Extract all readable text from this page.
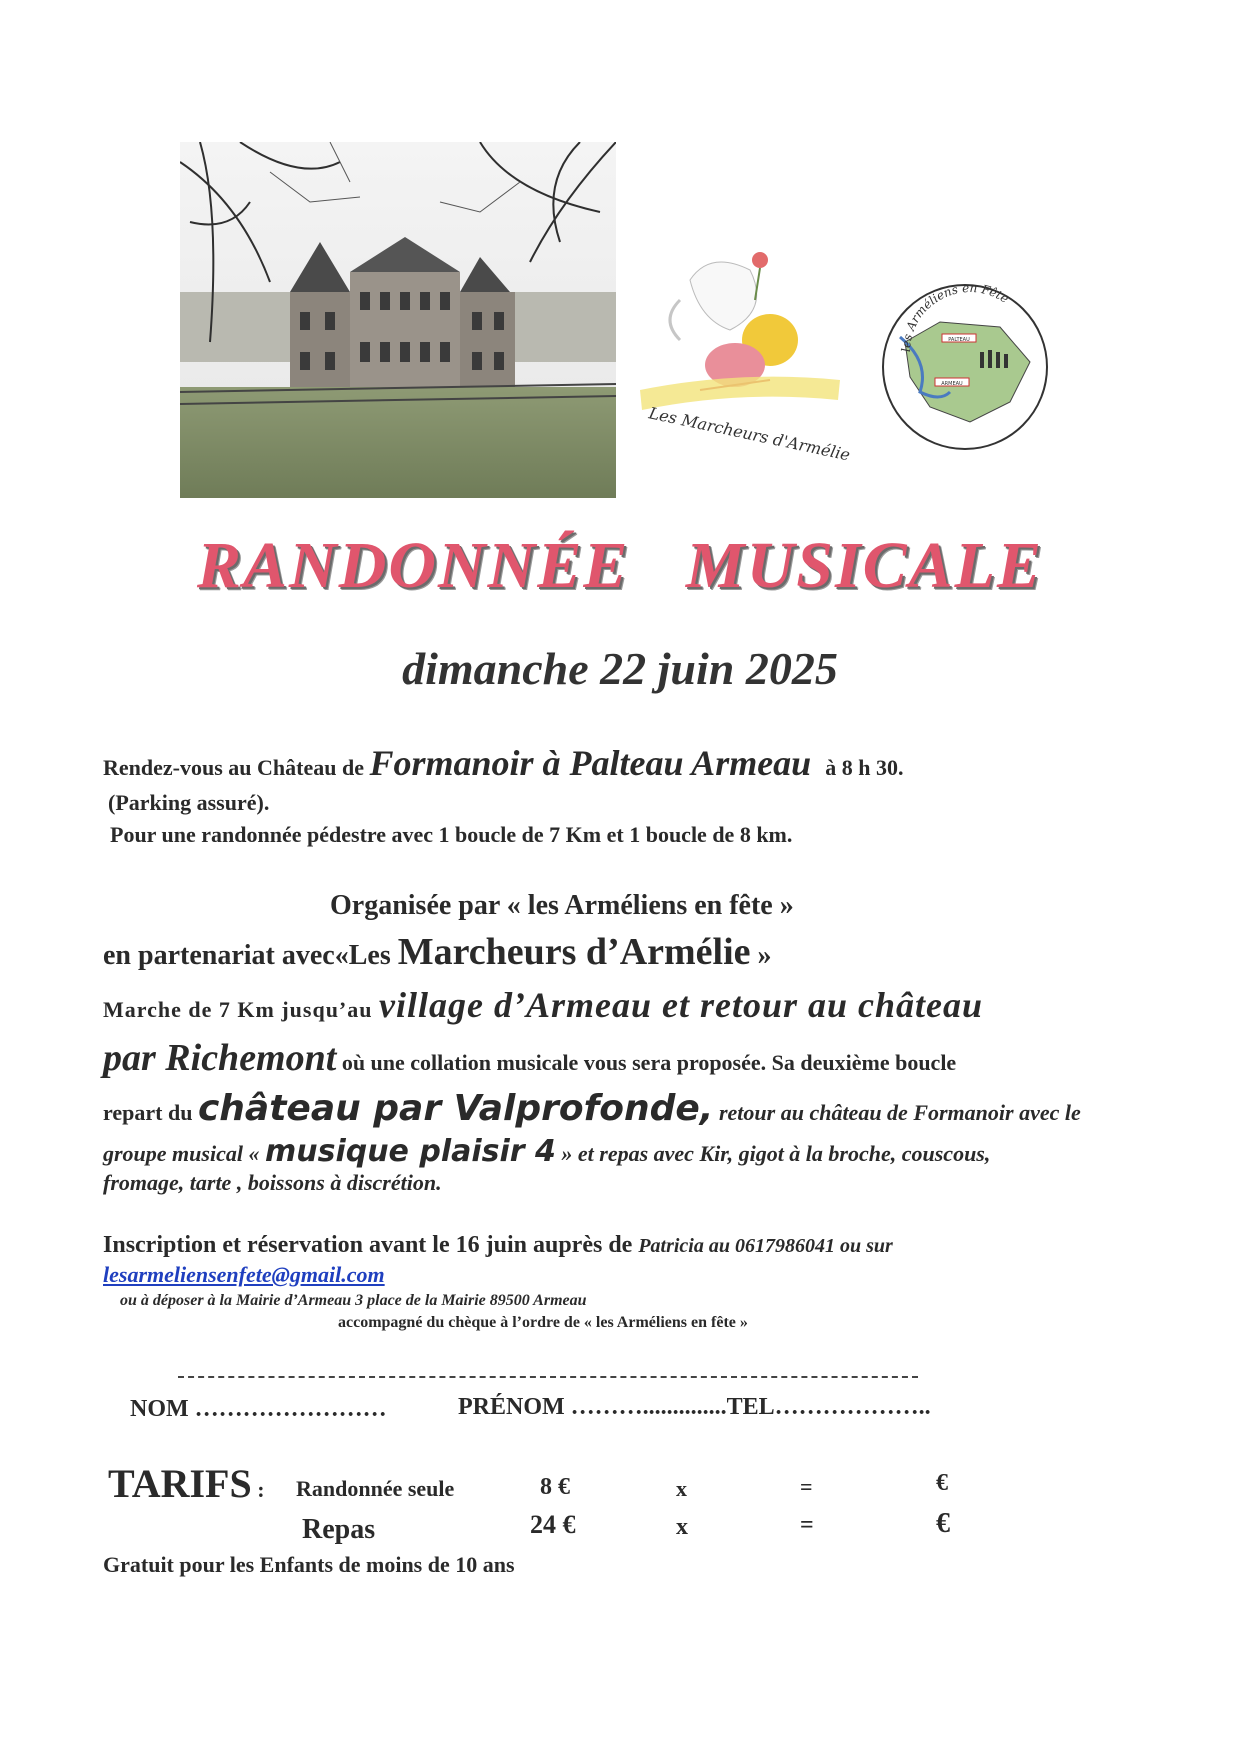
Les Marcheurs d'Armélie
PALTEAU
ARMEAU
les Arméliens en Fête
RANDONNÉE MUSICALE
dimanche 22 juin 2025
Rendez-vous au Château de Formanoir à Palteau Armeau à 8 h 30.
(Parking assuré).
Pour une randonnée pédestre avec 1 boucle de 7 Km et 1 boucle de 8 km.
Organisée par « les Arméliens en fête »
en partenariat avec«Les Marcheurs d’Armélie »
Marche de 7 Km jusqu’au village d’Armeau et retour au château
par Richemont où une collation musicale vous sera proposée. Sa deuxième boucle
repart du château par Valprofonde, retour au château de Formanoir avec le
groupe musical « musique plaisir 4 » et repas avec Kir, gigot à la broche, couscous,
fromage, tarte , boissons à discrétion.
Inscription et réservation avant le 16 juin auprès de Patricia au 0617986041 ou sur
lesarmeliensenfete@gmail.com
ou à déposer à la Mairie d’Armeau 3 place de la Mairie 89500 Armeau
accompagné du chèque à l’ordre de « les Arméliens en fête »
NOM ……………………	PRÉNOM ………..............TEL………………..
TARIFS : Randonnée seule	8 €	x	=	€
Repas	24 €	x	=	€
Gratuit pour les Enfants de moins de 10 ans
